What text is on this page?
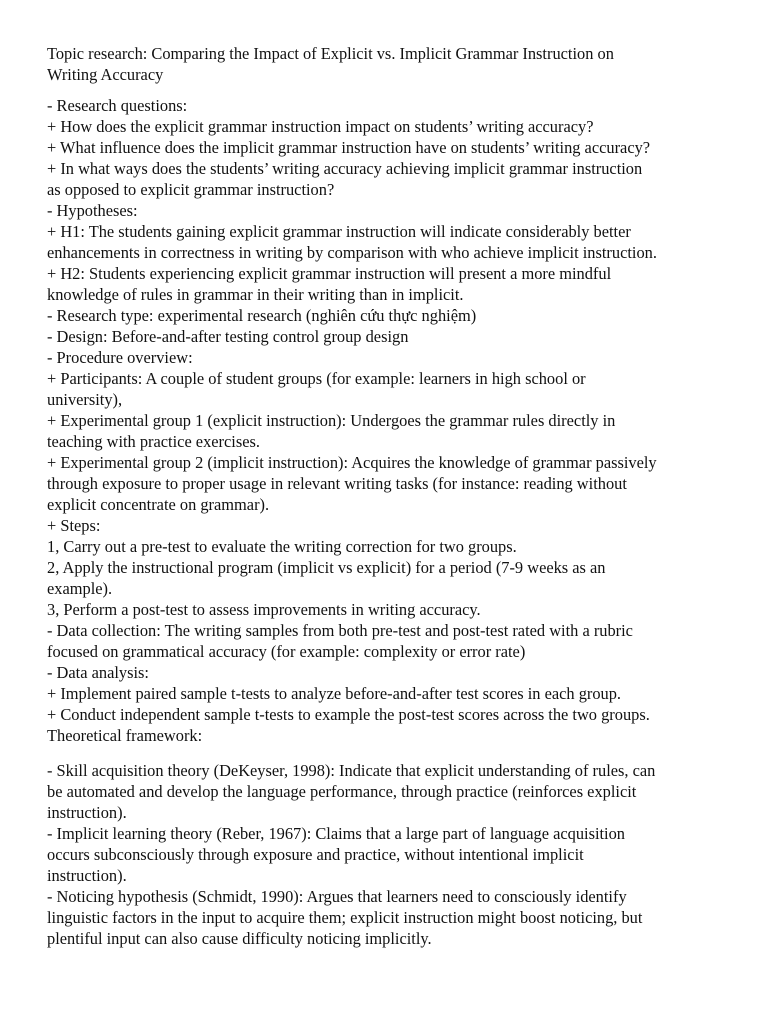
Topic research: Comparing the Impact of Explicit vs. Implicit Grammar Instruction on
Writing Accuracy
- Research questions:
+ How does the explicit grammar instruction impact on students’ writing accuracy?
+ What influence does the implicit grammar instruction have on students’ writing accuracy?
+ In what ways does the students’ writing accuracy achieving implicit grammar instruction
as opposed to explicit grammar instruction?
- Hypotheses:
+ H1: The students gaining explicit grammar instruction will indicate considerably better
enhancements in correctness in writing by comparison with who achieve implicit instruction.
+ H2: Students experiencing explicit grammar instruction will present a more mindful
knowledge of rules in grammar in their writing than in implicit.
- Research type: experimental research (nghiên cứu thực nghiệm)
- Design: Before-and-after testing control group design
- Procedure overview:
+ Participants: A couple of student groups (for example: learners in high school or
university),
+ Experimental group 1 (explicit instruction): Undergoes the grammar rules directly in
teaching with practice exercises.
+ Experimental group 2 (implicit instruction): Acquires the knowledge of grammar passively
through exposure to proper usage in relevant writing tasks (for instance: reading without
explicit concentrate on grammar).
+ Steps:
1, Carry out a pre-test to evaluate the writing correction for two groups.
2, Apply the instructional program (implicit vs explicit) for a period (7-9 weeks as an
example).
3, Perform a post-test to assess improvements in writing accuracy.
- Data collection: The writing samples from both pre-test and post-test rated with a rubric
focused on grammatical accuracy (for example: complexity or error rate)
- Data analysis:
+ Implement paired sample t-tests to analyze before-and-after test scores in each group.
+ Conduct independent sample t-tests to example the post-test scores across the two groups.
Theoretical framework:
- Skill acquisition theory (DeKeyser, 1998): Indicate that explicit understanding of rules, can
be automated and develop the language performance, through practice (reinforces explicit
instruction).
- Implicit learning theory (Reber, 1967): Claims that a large part of language acquisition
occurs subconsciously through exposure and practice, without intentional implicit
instruction).
- Noticing hypothesis (Schmidt, 1990): Argues that learners need to consciously identify
linguistic factors in the input to acquire them; explicit instruction might boost noticing, but
plentiful input can also cause difficulty noticing implicitly.
